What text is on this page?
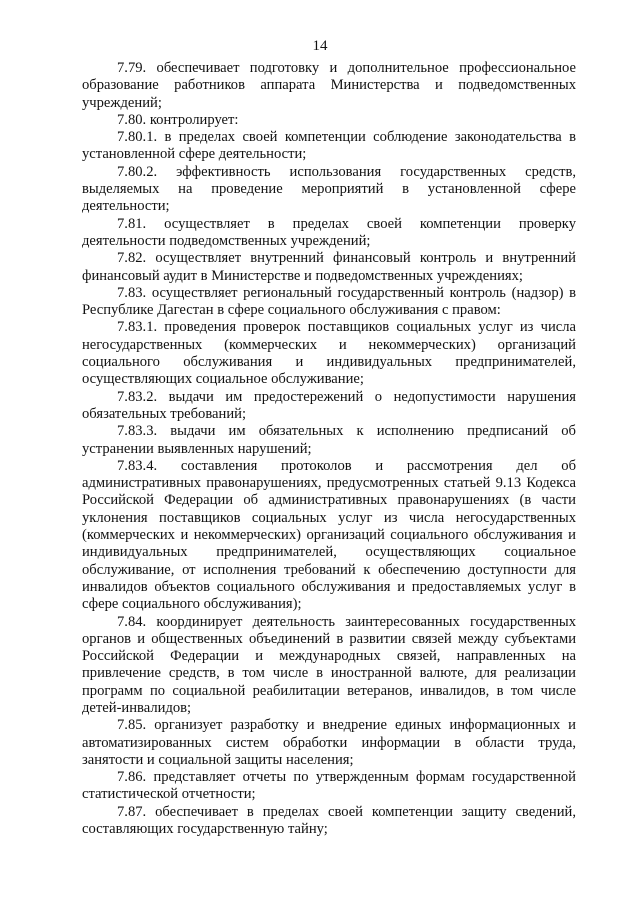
14

7.79. обеспечивает подготовку и дополнительное профессиональное образование работников аппарата Министерства и подведомственных учреждений;

7.80. контролирует:

7.80.1. в пределах своей компетенции соблюдение законодательства в установленной сфере деятельности;

7.80.2. эффективность использования государственных средств, выделяемых на проведение мероприятий в установленной сфере деятельности;

7.81. осуществляет в пределах своей компетенции проверку деятельности подведомственных учреждений;

7.82. осуществляет внутренний финансовый контроль и внутренний финансовый аудит в Министерстве и подведомственных учреждениях;

7.83. осуществляет региональный государственный контроль (надзор) в Республике Дагестан в сфере социального обслуживания с правом:

7.83.1. проведения проверок поставщиков социальных услуг из числа негосударственных (коммерческих и некоммерческих) организаций социального обслуживания и индивидуальных предпринимателей, осуществляющих социальное обслуживание;

7.83.2. выдачи им предостережений о недопустимости нарушения обязательных требований;

7.83.3. выдачи им обязательных к исполнению предписаний об устранении выявленных нарушений;

7.83.4. составления протоколов и рассмотрения дел об административных правонарушениях, предусмотренных статьей 9.13 Кодекса Российской Федерации об административных правонарушениях (в части уклонения поставщиков социальных услуг из числа негосударственных (коммерческих и некоммерческих) организаций социального обслуживания и индивидуальных предпринимателей, осуществляющих социальное обслуживание, от исполнения требований к обеспечению доступности для инвалидов объектов социального обслуживания и предоставляемых услуг в сфере социального обслуживания);

7.84. координирует деятельность заинтересованных государственных органов и общественных объединений в развитии связей между субъектами Российской Федерации и международных связей, направленных на привлечение средств, в том числе в иностранной валюте, для реализации программ по социальной реабилитации ветеранов, инвалидов, в том числе детей-инвалидов;

7.85. организует разработку и внедрение единых информационных и автоматизированных систем обработки информации в области труда, занятости и социальной защиты населения;

7.86. представляет отчеты по утвержденным формам государственной статистической отчетности;

7.87. обеспечивает в пределах своей компетенции защиту сведений, составляющих государственную тайну;
